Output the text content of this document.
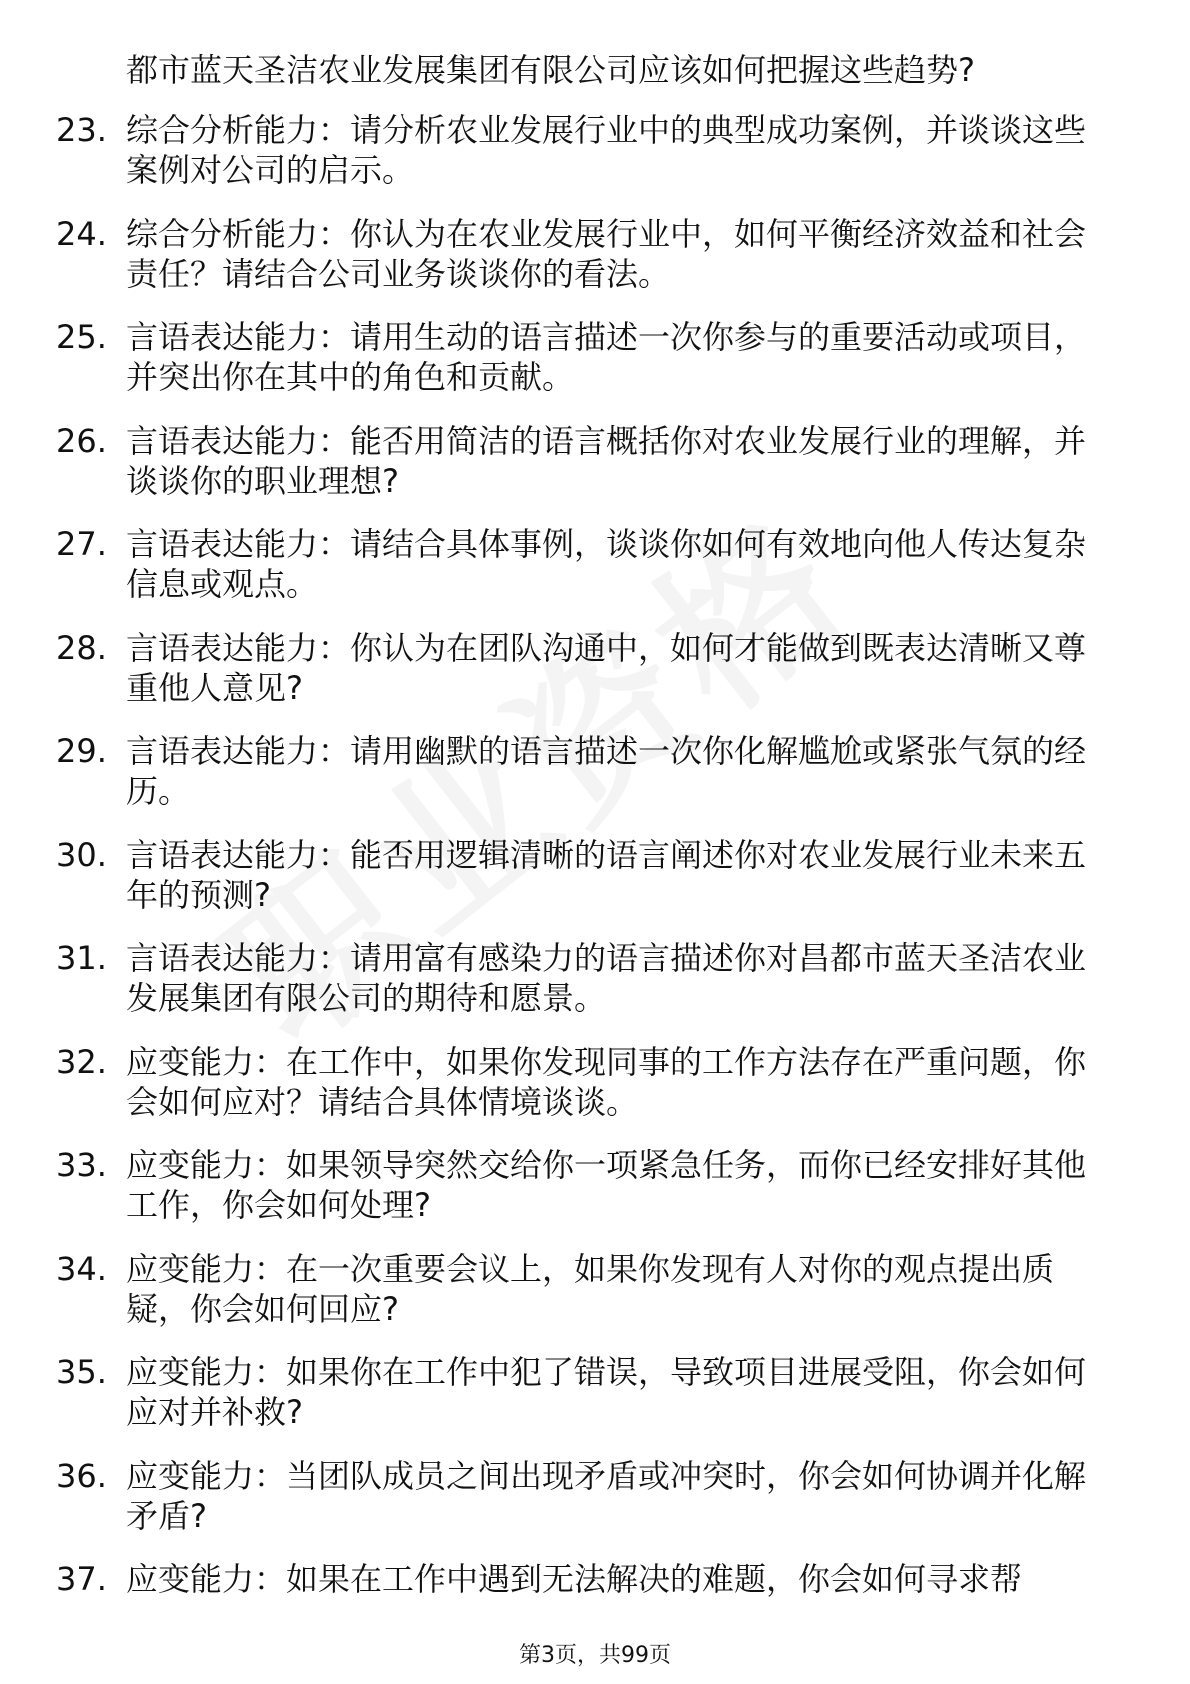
都市蓝天圣洁农业发展集团有限公司应该如何把握这些趋势?
23. 综合分析能力：请分析农业发展行业中的典型成功案例，并谈谈这些案例对公司的启示。
24. 综合分析能力：你认为在农业发展行业中，如何平衡经济效益和社会责任？请结合公司业务谈谈你的看法。
25. 言语表达能力：请用生动的语言描述一次你参与的重要活动或项目，并突出你在其中的角色和贡献。
26. 言语表达能力：能否用简洁的语言概括你对农业发展行业的理解，并谈谈你的职业理想?
27. 言语表达能力：请结合具体事例，谈谈你如何有效地向他人传达复杂信息或观点。
28. 言语表达能力：你认为在团队沟通中，如何才能做到既表达清晰又尊重他人意见?
29. 言语表达能力：请用幽默的语言描述一次你化解尴尬或紧张气氛的经历。
30. 言语表达能力：能否用逻辑清晰的语言阐述你对农业发展行业未来五年的预测?
31. 言语表达能力：请用富有感染力的语言描述你对昌都市蓝天圣洁农业发展集团有限公司的期待和愿景。
32. 应变能力：在工作中，如果你发现同事的工作方法存在严重问题，你会如何应对？请结合具体情境谈谈。
33. 应变能力：如果领导突然交给你一项紧急任务，而你已经安排好其他工作，你会如何处理?
34. 应变能力：在一次重要会议上，如果你发现有人对你的观点提出质疑，你会如何回应?
35. 应变能力：如果你在工作中犯了错误，导致项目进展受阻，你会如何应对并补救?
36. 应变能力：当团队成员之间出现矛盾或冲突时，你会如何协调并化解矛盾?
37. 应变能力：如果在工作中遇到无法解决的难题，你会如何寻求帮
第3页，共99页
